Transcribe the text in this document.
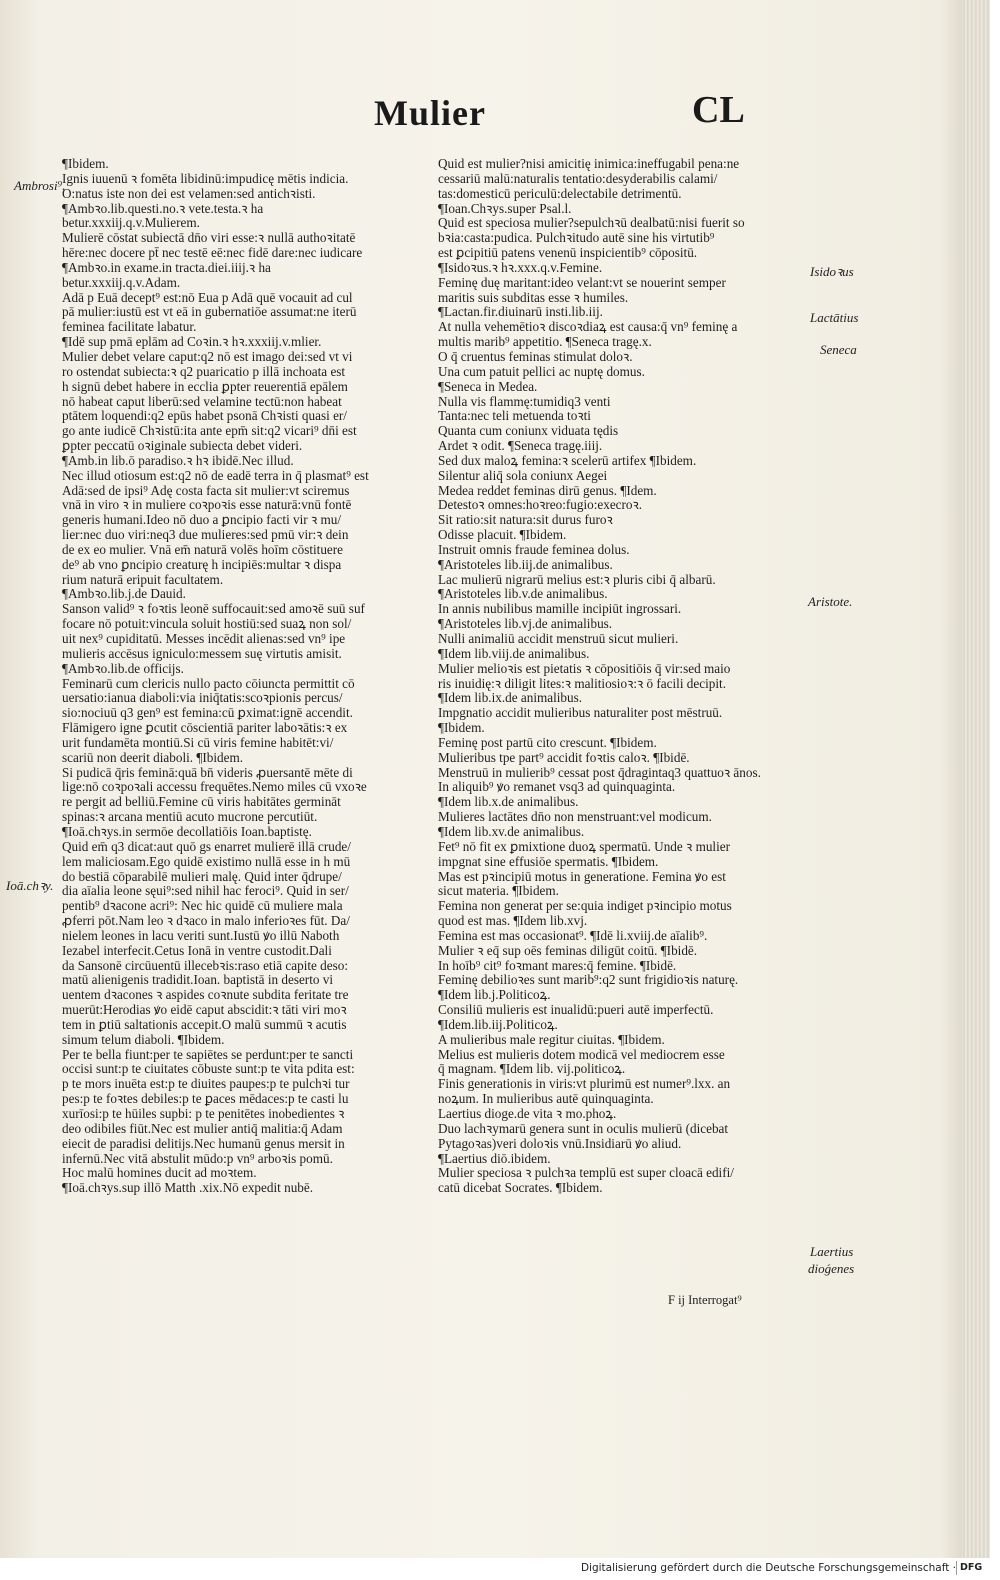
Mulier	CL
¶Ibidem.
Ignis iuuenū ꝛ fomēta libidinū:impudicę mētis indicia.
O:natus iste non dei est velamen:sed antichꝛisti.
¶Ambꝛo.lib.questi.no.ꝛ vete.testa.ꝛ ha
betur.xxxiij.q.v.Mulierem.
Mulierē cōstat subiectā dn̄o viri esse:ꝛ nullā authoꝛitatē
hēre:nec docere pt̄ nec testē eē:nec fidē dare:nec iudicare
¶Ambꝛo.in exame.in tracta.diei.iiij.ꝛ ha
betur.xxxiij.q.v.Adam.
Adā p Euā decept⁹ est:nō Eua p Adā quē vocauit ad cul
pā mulier:iustū est vt eā in gubernatiōe assumat:ne iterū
feminea facilitate labatur.
¶Idē sup pmā eplām ad Coꝛin.ꝛ hꝛ.xxxiij.v.mlier.
Mulier debet velare caput:q2 nō est imago dei:sed vt vi
ro ostendat subiecta:ꝛ q2 puaricatio p illā inchoata est
h signū debet habere in ecclia ꝑpter reuerentiā epālem
nō habeat caput liberū:sed velamine tectū:non habeat
ptātem loquendi:q2 epūs habet psonā Chꝛisti quasi er/
go ante iudicē Chꝛistū:ita ante epm̄ sit:q2 vicari⁹ dn̄i est
ꝑpter peccatū oꝛiginale subiecta debet videri.
¶Amb.in lib.ō paradiso.ꝛ hꝛ ibidē.Nec illud.
Nec illud otiosum est:q2 nō de eadē terra in q̄ plasmat⁹ est
Adā:sed de ipsi⁹ Adę costa facta sit mulier:vt sciremus
vnā in viro ꝛ in muliere coꝛpoꝛis esse naturā:vnū fontē
generis humani.Ideo nō duo a ꝑncipio facti vir ꝛ mu/
lier:nec duo viri:neq3 due mulieres:sed pmū vir:ꝛ dein
de ex eo mulier. Vnā em̄ naturā volēs hoīm cōstituere
de⁹ ab vno ꝑncipio creaturę h incipiēs:multar ꝛ dispa
rium naturā eripuit facultatem.
¶Ambꝛo.lib.j.de Dauid.
Sanson valid⁹ ꝛ foꝛtis leonē suffocauit:sed amoꝛē suū suf
focare nō potuit:vincula soluit hostiū:sed suaꝝ non sol/
uit nex⁹ cupiditatū. Messes incēdit alienas:sed vn⁹ ipe
mulieris accēsus igniculo:messem suę virtutis amisit.
¶Ambꝛo.lib.de officijs.
Feminarū cum clericis nullo pacto cōiuncta permittit cō
uersatio:ianua diaboli:via iniq̄tatis:scoꝛpionis percus/
sio:nociuū q3 gen⁹ est femina:cū ꝑximat:ignē accendit.
Flāmigero igne ꝑcutit cōscientiā pariter laboꝛātis:ꝛ ex
urit fundamēta montiū.Si cū viris femine habitēt:vi/
scariū non deerit diaboli. ¶Ibidem.
Si pudicā q̄ris feminā:quā bn̄ videris ꝓuersantē mēte di
lige:nō coꝛpoꝛali accessu frequētes.Nemo miles cū vxoꝛe
re pergit ad belliū.Femine cū viris habitātes germināt
spinas:ꝛ arcana mentiū acuto mucrone percutiūt.
¶Ioā.chꝛys.in sermōe decollatiōis Ioan.baptistę.
Quid em̄ q3 dicat:aut quō gs enarret mulierē illā crude/
lem maliciosam.Ego quidē existimo nullā esse in h mū
do bestiā cōparabilē mulieri malę. Quid inter q̄drupe/
dia aīalia leone sęui⁹:sed nihil hac feroci⁹. Quid in ser/
pentib⁹ dꝛacone acri⁹: Nec hic quidē cū muliere mala
ꝓferri pōt.Nam leo ꝛ dꝛaco in malo inferioꝛes fūt. Da/
nielem leones in lacu veriti sunt.Iustū ꝟo illū Naboth
Iezabel interfecit.Cetus Ionā in ventre custodit.Dali
da Sansonē circūuentū illecebꝛis:raso etiā capite deso:
matū alienigenis tradidit.Ioan. baptistā in deserto vi
uentem dꝛacones ꝛ aspides coꝛnute subdita feritate tre
muerūt:Herodias ꝟo eidē caput abscidit:ꝛ tāti viri moꝛ
tem in ꝑtiū saltationis accepit.O malū summū ꝛ acutis
simum telum diaboli. ¶Ibidem.
Per te bella fiunt:per te sapiētes se perdunt:per te sancti
occisi sunt:p te ciuitates cōbuste sunt:p te vita pdita est:
p te mors inuēta est:p te diuites paupes:p te pulchꝛi tur
pes:p te foꝛtes debiles:p te ꝑaces mēdaces:p te casti lu
xurīosi:p te hūiles supbi: p te penitētes inobedientes ꝛ
deo odibiles fiūt.Nec est mulier antiq̄ malitia:q̄ Adam
eiecit de paradisi delitijs.Nec humanū genus mersit in
infernū.Nec vitā abstulit mūdo:p vn⁹ arboꝛis pomū.
Hoc malū homines ducit ad moꝛtem.
¶Ioā.chꝛys.sup illō Matth .xix.Nō expedit nubē.
Quid est mulier?nisi amicitię inimica:ineffugabil pena:ne
cessariū malū:naturalis tentatio:desyderabilis calami/
tas:domesticū periculū:delectabile detrimentū.
¶Ioan.Chꝛys.super Psal.l.
Quid est speciosa mulier?sepulchꝛū dealbatū:nisi fuerit so
bꝛia:casta:pudica. Pulchꝛitudo autē sine his virtutib⁹
est ꝑcipitiū patens venenū inspicientib⁹ cōpositū.
¶Isidoꝛus.ꝛ hꝛ.xxx.q.v.Femine.
Feminę duę maritant:ideo velant:vt se nouerint semper
maritis suis subditas esse ꝛ humiles.
¶Lactan.fir.diuinarū insti.lib.iij.
At nulla vehemētioꝛ discoꝛdiaꝝ est causa:q̄ vn⁹ feminę a
multis marib⁹ appetitio. ¶Seneca tragę.x.
O q̄ cruentus feminas stimulat doloꝛ.
Una cum patuit pellici ac nuptę domus.
¶Seneca in Medea.
Nulla vis flammę:tumidiq3 venti
Tanta:nec teli metuenda toꝛti
Quanta cum coniunx viduata tędis
Ardet ꝛ odit. ¶Seneca tragę.iiij.
Sed dux maloꝝ femina:ꝛ scelerū artifex ¶Ibidem.
Silentur aliq̄ sola coniunx Aegei
Medea reddet feminas dirū genus. ¶Idem.
Detestoꝛ omnes:hoꝛreo:fugio:execroꝛ.
Sit ratio:sit natura:sit durus furoꝛ
Odisse placuit. ¶Ibidem.
Instruit omnis fraude feminea dolus.
¶Aristoteles lib.iij.de animalibus.
Lac mulierū nigrarū melius est:ꝛ pluris cibi q̄ albarū.
¶Aristoteles lib.v.de animalibus.
In annis nubilibus mamille incipiūt ingrossari.
¶Aristoteles lib.vj.de animalibus.
Nulli animaliū accidit menstruū sicut mulieri.
¶Idem lib.viij.de animalibus.
Mulier melioꝛis est pietatis ꝛ cōpositiōis q̄ vir:sed maio
ris inuidię:ꝛ diligit lites:ꝛ malitiosioꝛ:ꝛ ō facili decipit.
¶Idem lib.ix.de animalibus.
Impgnatio accidit mulieribus naturaliter post mēstruū.
¶Ibidem.
Feminę post partū cito crescunt. ¶Ibidem.
Mulieribus tpe part⁹ accidit foꝛtis caloꝛ. ¶Ibidē.
Menstruū in mulierib⁹ cessat post q̄dragintaq3 quattuoꝛ ānos.
In aliquib⁹ ꝟo remanet vsq3 ad quinquaginta.
¶Idem lib.x.de animalibus.
Mulieres lactātes dn̄o non menstruant:vel modicum.
¶Idem lib.xv.de animalibus.
Fet⁹ nō fit ex ꝑmixtione duoꝝ spermatū. Unde ꝛ mulier
impgnat sine effusiōe spermatis. ¶Ibidem.
Mas est pꝛincipiū motus in generatione. Femina ꝟo est
sicut materia. ¶Ibidem.
Femina non generat per se:quia indiget pꝛincipio motus
quod est mas. ¶Idem lib.xvj.
Femina est mas occasionat⁹. ¶Idē li.xviij.de aīalib⁹.
Mulier ꝛ eq̄ sup oēs feminas diligūt coitū. ¶Ibidē.
In hoīb⁹ cit⁹ foꝛmant mares:q̄ femine. ¶Ibidē.
Feminę debilioꝛes sunt marib⁹:q2 sunt frigidioꝛis naturę.
¶Idem lib.j.Politicoꝝ.
Consiliū mulieris est inualidū:pueri autē imperfectū.
¶Idem.lib.iij.Politicoꝝ.
A mulieribus male regitur ciuitas. ¶Ibidem.
Melius est mulieris dotem modicā vel mediocrem esse
q̄ magnam. ¶Idem lib. vij.politicoꝝ.
Finis generationis in viris:vt plurimū est numer⁹.lxx. an
noꝝum. In mulieribus autē quinquaginta.
Laertius dioge.de vita ꝛ mo.phoꝝ.
Duo lachꝛymarū genera sunt in oculis mulierū (dicebat
Pytagoꝛas)veri doloꝛis vnū.Insidiarū ꝟo aliud.
¶Laertius diō.ibidem.
Mulier speciosa ꝛ pulchꝛa templū est super cloacā edifi/
catū dicebat Socrates. ¶Ibidem.
Ambrosi⁹.
Ioā.chꝛy.
Isidoꝛus
Lactātius
Seneca
Aristote.
Laertius
dioǵenes
F ij Interrogat⁹
Digitalisierung gefördert durch die Deutsche Forschungsgemeinschaft · DFG
